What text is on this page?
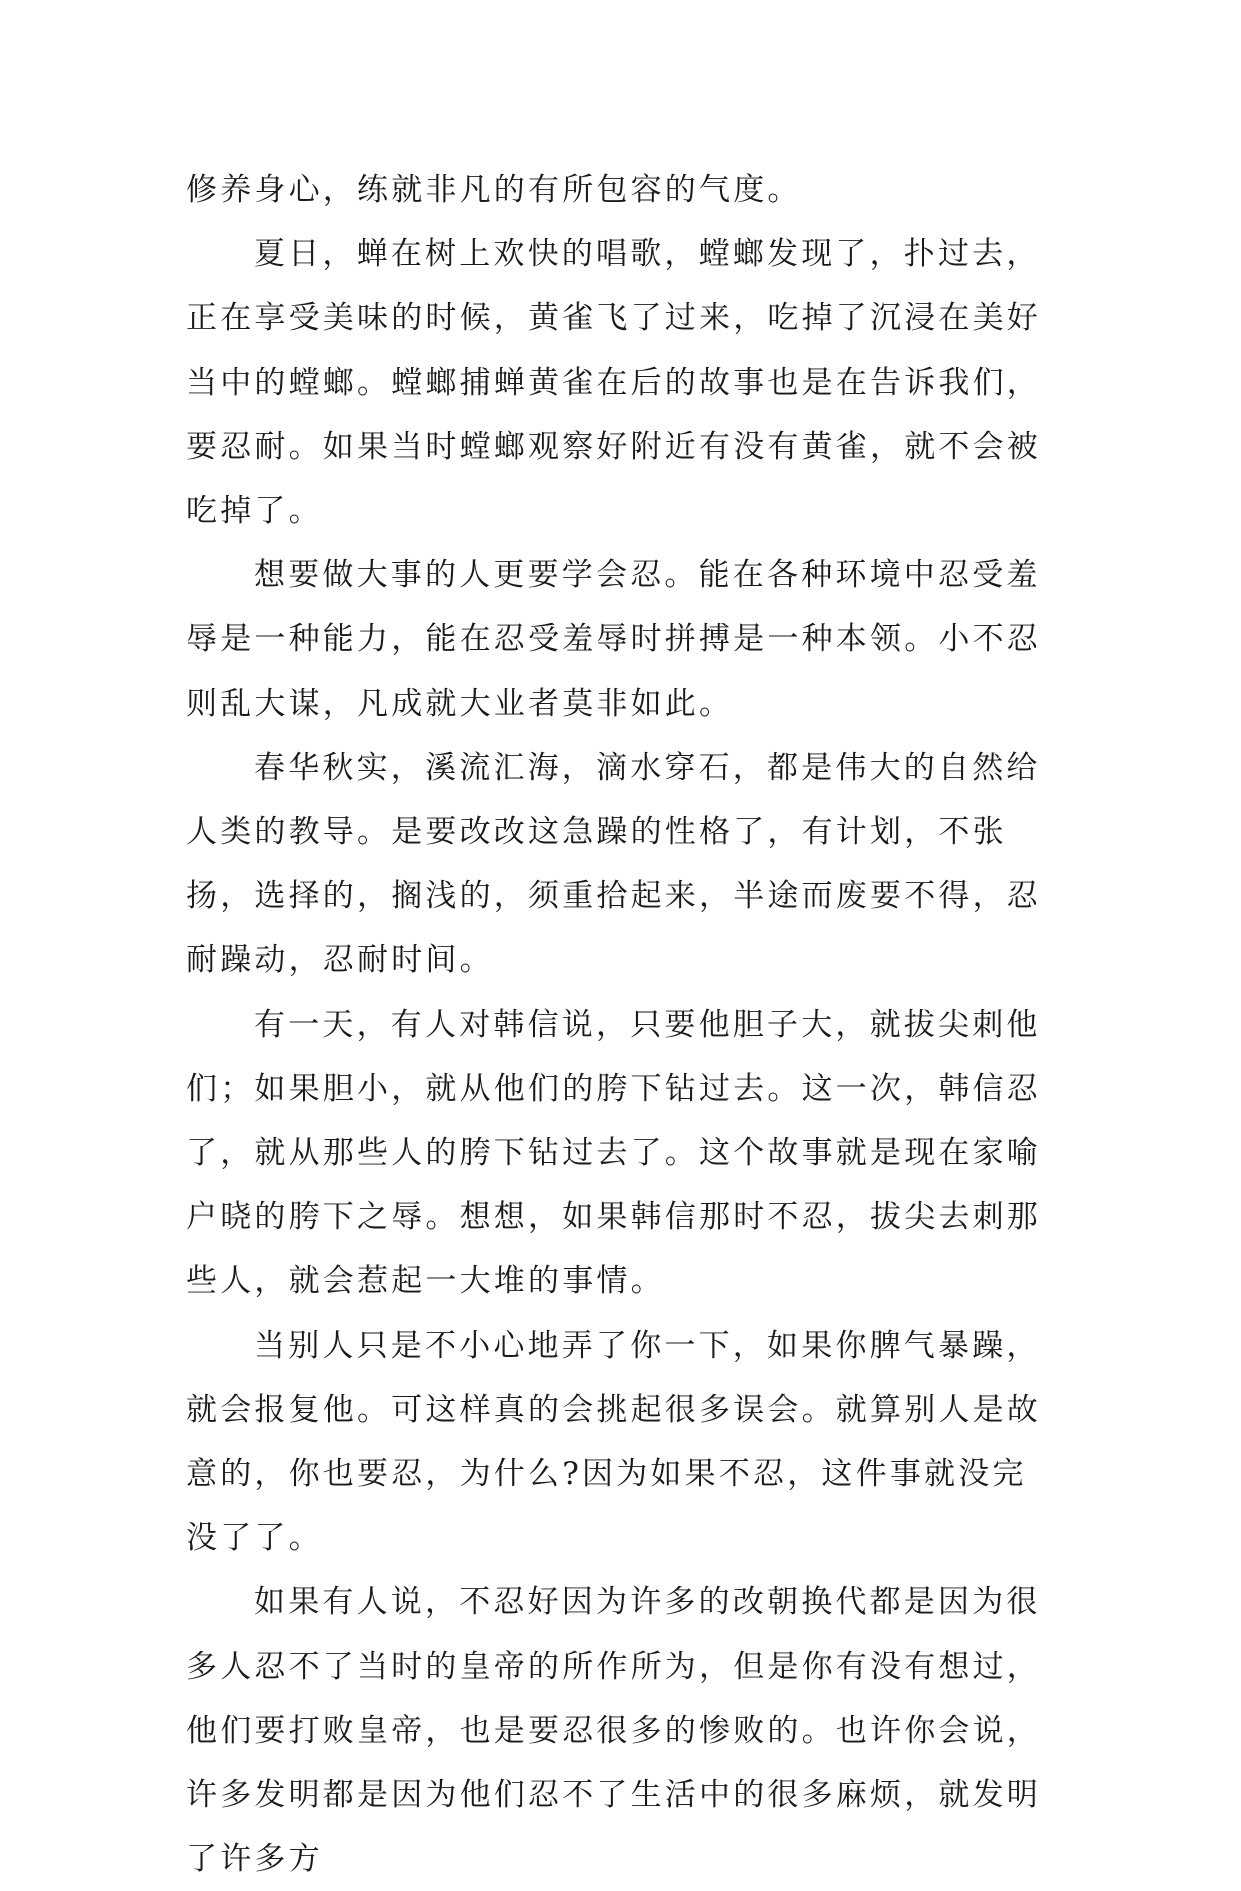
修养身心，练就非凡的有所包容的气度。

夏日，蝉在树上欢快的唱歌，螳螂发现了，扑过去，正在享受美味的时候，黄雀飞了过来，吃掉了沉浸在美好当中的螳螂。螳螂捕蝉黄雀在后的故事也是在告诉我们，要忍耐。如果当时螳螂观察好附近有没有黄雀，就不会被吃掉了。

想要做大事的人更要学会忍。能在各种环境中忍受羞辱是一种能力，能在忍受羞辱时拼搏是一种本领。小不忍则乱大谋，凡成就大业者莫非如此。

春华秋实，溪流汇海，滴水穿石，都是伟大的自然给人类的教导。是要改改这急躁的性格了，有计划，不张扬，选择的，搁浅的，须重拾起来，半途而废要不得，忍耐躁动，忍耐时间。

有一天，有人对韩信说，只要他胆子大，就拔尖刺他们；如果胆小，就从他们的胯下钻过去。这一次，韩信忍了，就从那些人的胯下钻过去了。这个故事就是现在家喻户晓的胯下之辱。想想，如果韩信那时不忍，拔尖去刺那些人，就会惹起一大堆的事情。

当别人只是不小心地弄了你一下，如果你脾气暴躁，就会报复他。可这样真的会挑起很多误会。就算别人是故意的，你也要忍，为什么?因为如果不忍，这件事就没完没了了。

如果有人说，不忍好因为许多的改朝换代都是因为很多人忍不了当时的皇帝的所作所为，但是你有没有想过，他们要打败皇帝，也是要忍很多的惨败的。也许你会说，许多发明都是因为他们忍不了生活中的很多麻烦，就发明了许多方
